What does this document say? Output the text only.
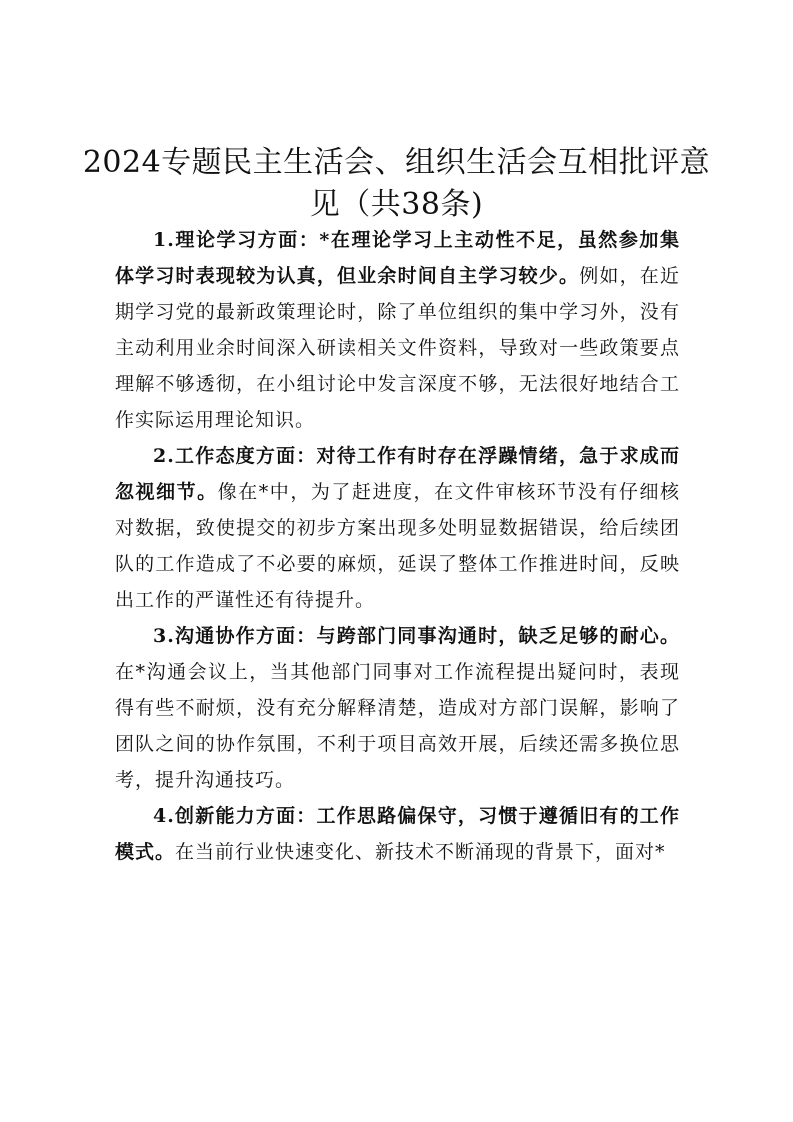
2024专题民主生活会、组织生活会互相批评意见（共38条)

1.理论学习方面：*在理论学习上主动性不足，虽然参加集体学习时表现较为认真，但业余时间自主学习较少。例如，在近期学习党的最新政策理论时，除了单位组织的集中学习外，没有主动利用业余时间深入研读相关文件资料，导致对一些政策要点理解不够透彻，在小组讨论中发言深度不够，无法很好地结合工作实际运用理论知识。

2.工作态度方面：对待工作有时存在浮躁情绪，急于求成而忽视细节。像在*中，为了赶进度，在文件审核环节没有仔细核对数据，致使提交的初步方案出现多处明显数据错误，给后续团队的工作造成了不必要的麻烦，延误了整体工作推进时间，反映出工作的严谨性还有待提升。

3.沟通协作方面：与跨部门同事沟通时，缺乏足够的耐心。在*沟通会议上，当其他部门同事对工作流程提出疑问时，表现得有些不耐烦，没有充分解释清楚，造成对方部门误解，影响了团队之间的协作氛围，不利于项目高效开展，后续还需多换位思考，提升沟通技巧。

4.创新能力方面：工作思路偏保守，习惯于遵循旧有的工作模式。在当前行业快速变化、新技术不断涌现的背景下，面对*
